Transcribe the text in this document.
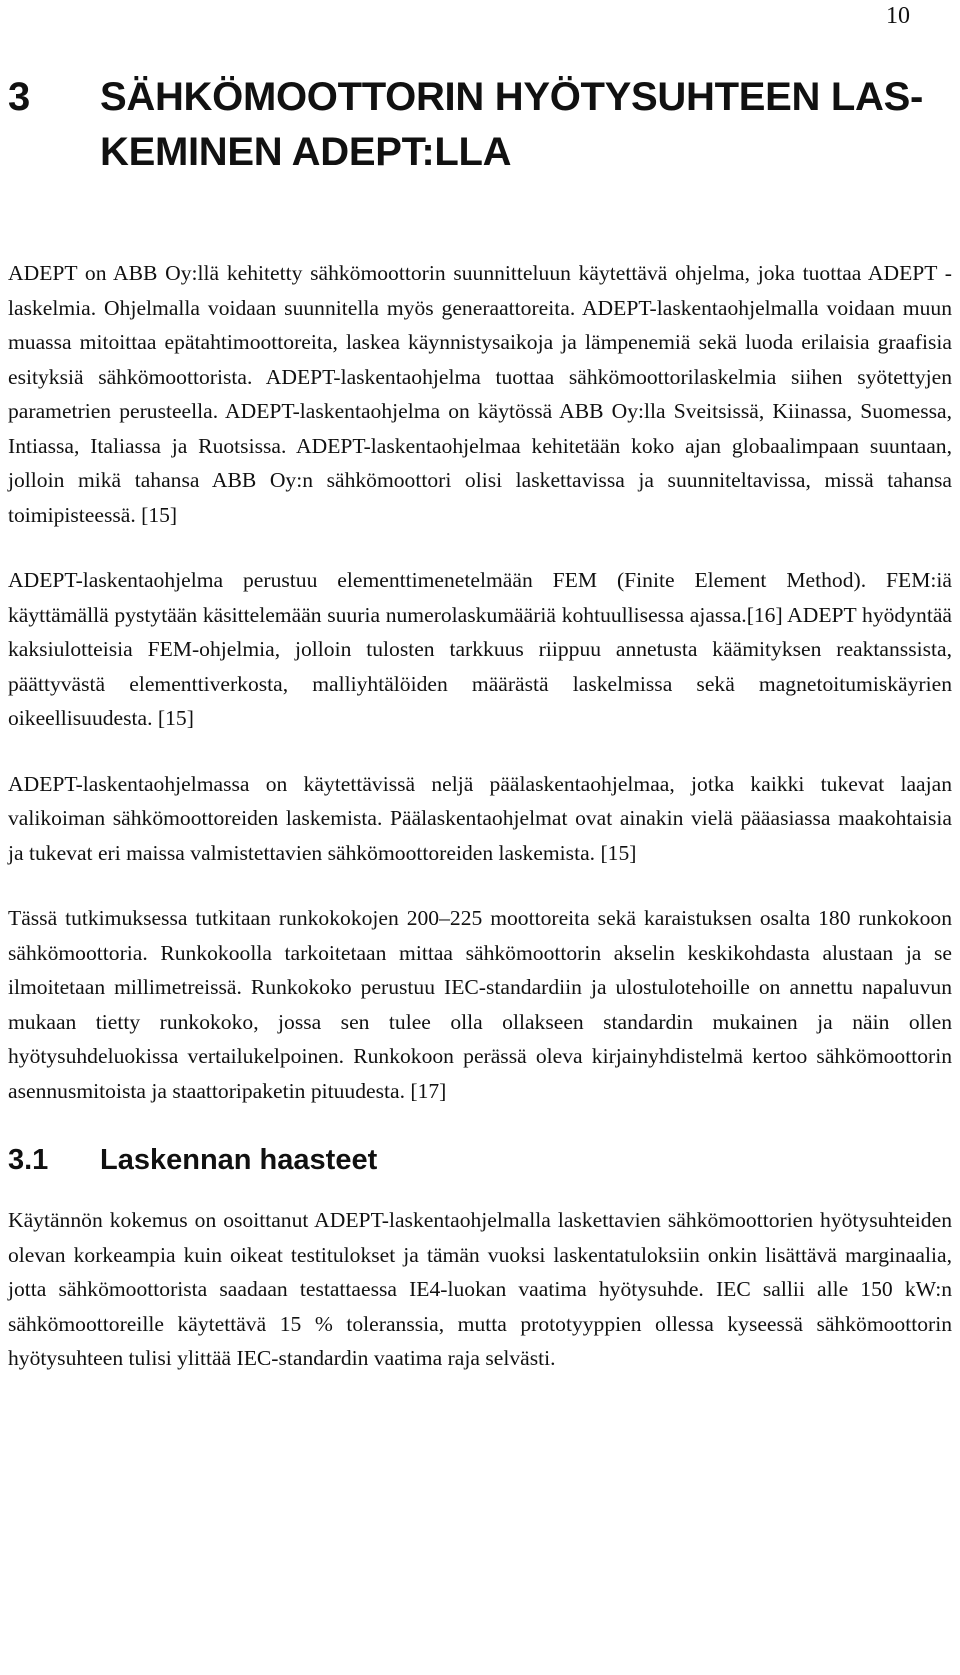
10
3	SÄHKÖMOOTTORIN HYÖTYSUHTEEN LAS-KEMINEN ADEPT:LLA

ADEPT on ABB Oy:llä kehitetty sähkömoottorin suunnitteluun käytettävä ohjelma, joka tuottaa ADEPT -laskelmia. Ohjelmalla voidaan suunnitella myös generaattoreita. ADEPT-laskentaohjelmalla voidaan muun muassa mitoittaa epätahtimoottoreita, laskea käynnistysaikoja ja lämpenemiä sekä luoda erilaisia graafisia esityksiä sähkömoottorista. ADEPT-laskentaohjelma tuottaa sähkömoottorilaskelmia siihen syötettyjen parametrien perusteella. ADEPT-laskentaohjelma on käytössä ABB Oy:lla Sveitsissä, Kiinassa, Suomessa, Intiassa, Italiassa ja Ruotsissa. ADEPT-laskentaohjelmaa kehitetään koko ajan globaalimpaan suuntaan, jolloin mikä tahansa ABB Oy:n sähkömoottori olisi laskettavissa ja suunniteltavissa, missä tahansa toimipisteessä. [15]

ADEPT-laskentaohjelma perustuu elementtimenetelmään FEM (Finite Element Method). FEM:iä käyttämällä pystytään käsittelemään suuria numerolaskumääriä kohtuullisessa ajassa.[16] ADEPT hyödyntää kaksiulotteisia FEM-ohjelmia, jolloin tulosten tarkkuus riippuu annetusta käämityksen reaktanssista, päättyvästä elementtiverkosta, malliyhtälöiden määrästä laskelmissa sekä magnetoitumiskäyrien oikeellisuudesta. [15]

ADEPT-laskentaohjelmassa on käytettävissä neljä päälaskentaohjelmaa, jotka kaikki tukevat laajan valikoiman sähkömoottoreiden laskemista. Päälaskentaohjelmat ovat ainakin vielä pääasiassa maakohtaisia ja tukevat eri maissa valmistettavien sähkömoottoreiden laskemista. [15]

Tässä tutkimuksessa tutkitaan runkokokojen 200–225 moottoreita sekä karaistuksen osalta 180 runkokoon sähkömoottoria. Runkokoolla tarkoitetaan mittaa sähkömoottorin akselin keskikohdasta alustaan ja se ilmoitetaan millimetreissä. Runkokoko perustuu IEC-standardiin ja ulostulotehoille on annettu napaluvun mukaan tietty runkokoko, jossa sen tulee olla ollakseen standardin mukainen ja näin ollen hyötysuhdeluokissa vertailukelpoinen. Runkokoon perässä oleva kirjainyhdistelmä kertoo sähkömoottorin asennusmitoista ja staattoripaketin pituudesta. [17]

3.1	Laskennan haasteet

Käytännön kokemus on osoittanut ADEPT-laskentaohjelmalla laskettavien sähkömoottorien hyötysuhteiden olevan korkeampia kuin oikeat testitulokset ja tämän vuoksi laskentatuloksiin onkin lisättävä marginaalia, jotta sähkömoottorista saadaan testattaessa IE4-luokan vaatima hyötysuhde. IEC sallii alle 150 kW:n sähkömoottoreille käytettävä 15 % toleranssia, mutta prototyyppien ollessa kyseessä sähkömoottorin hyötysuhteen tulisi ylittää IEC-standardin vaatima raja selvästi.
